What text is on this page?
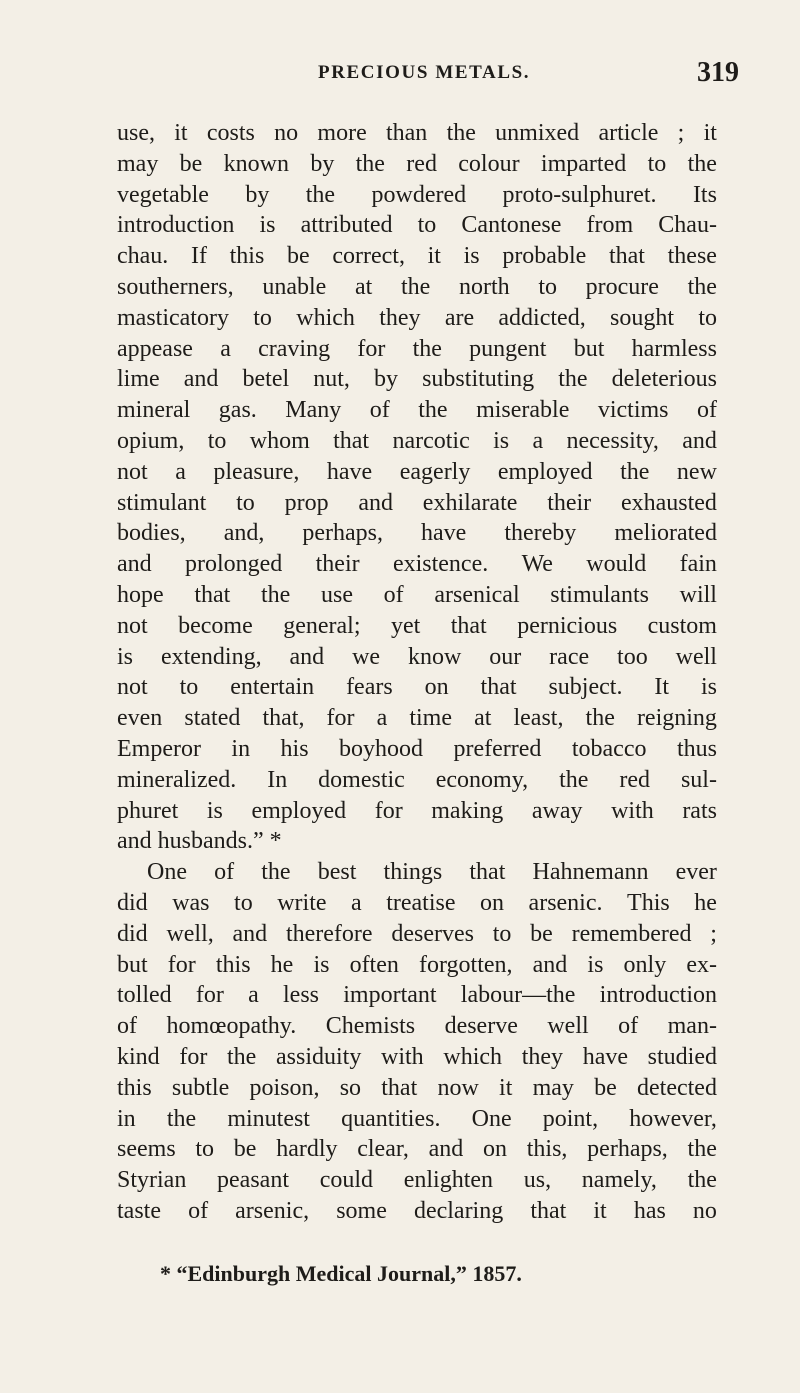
PRECIOUS METALS.	319
use, it costs no more than the unmixed article ; it
may be known by the red colour imparted to the
vegetable by the powdered proto-sulphuret. Its
introduction is attributed to Cantonese from Chau-
chau. If this be correct, it is probable that these
southerners, unable at the north to procure the
masticatory to which they are addicted, sought to
appease a craving for the pungent but harmless
lime and betel nut, by substituting the deleterious
mineral gas. Many of the miserable victims of
opium, to whom that narcotic is a necessity, and
not a pleasure, have eagerly employed the new
stimulant to prop and exhilarate their exhausted
bodies, and, perhaps, have thereby meliorated
and prolonged their existence. We would fain
hope that the use of arsenical stimulants will
not become general; yet that pernicious custom
is extending, and we know our race too well
not to entertain fears on that subject. It is
even stated that, for a time at least, the reigning
Emperor in his boyhood preferred tobacco thus
mineralized. In domestic economy, the red sul-
phuret is employed for making away with rats
and husbands.” *
One of the best things that Hahnemann ever
did was to write a treatise on arsenic. This he
did well, and therefore deserves to be remembered ;
but for this he is often forgotten, and is only ex-
tolled for a less important labour—the introduction
of homœopathy. Chemists deserve well of man-
kind for the assiduity with which they have studied
this subtle poison, so that now it may be detected
in the minutest quantities. One point, however,
seems to be hardly clear, and on this, perhaps, the
Styrian peasant could enlighten us, namely, the
taste of arsenic, some declaring that it has no
* “Edinburgh Medical Journal,” 1857.
